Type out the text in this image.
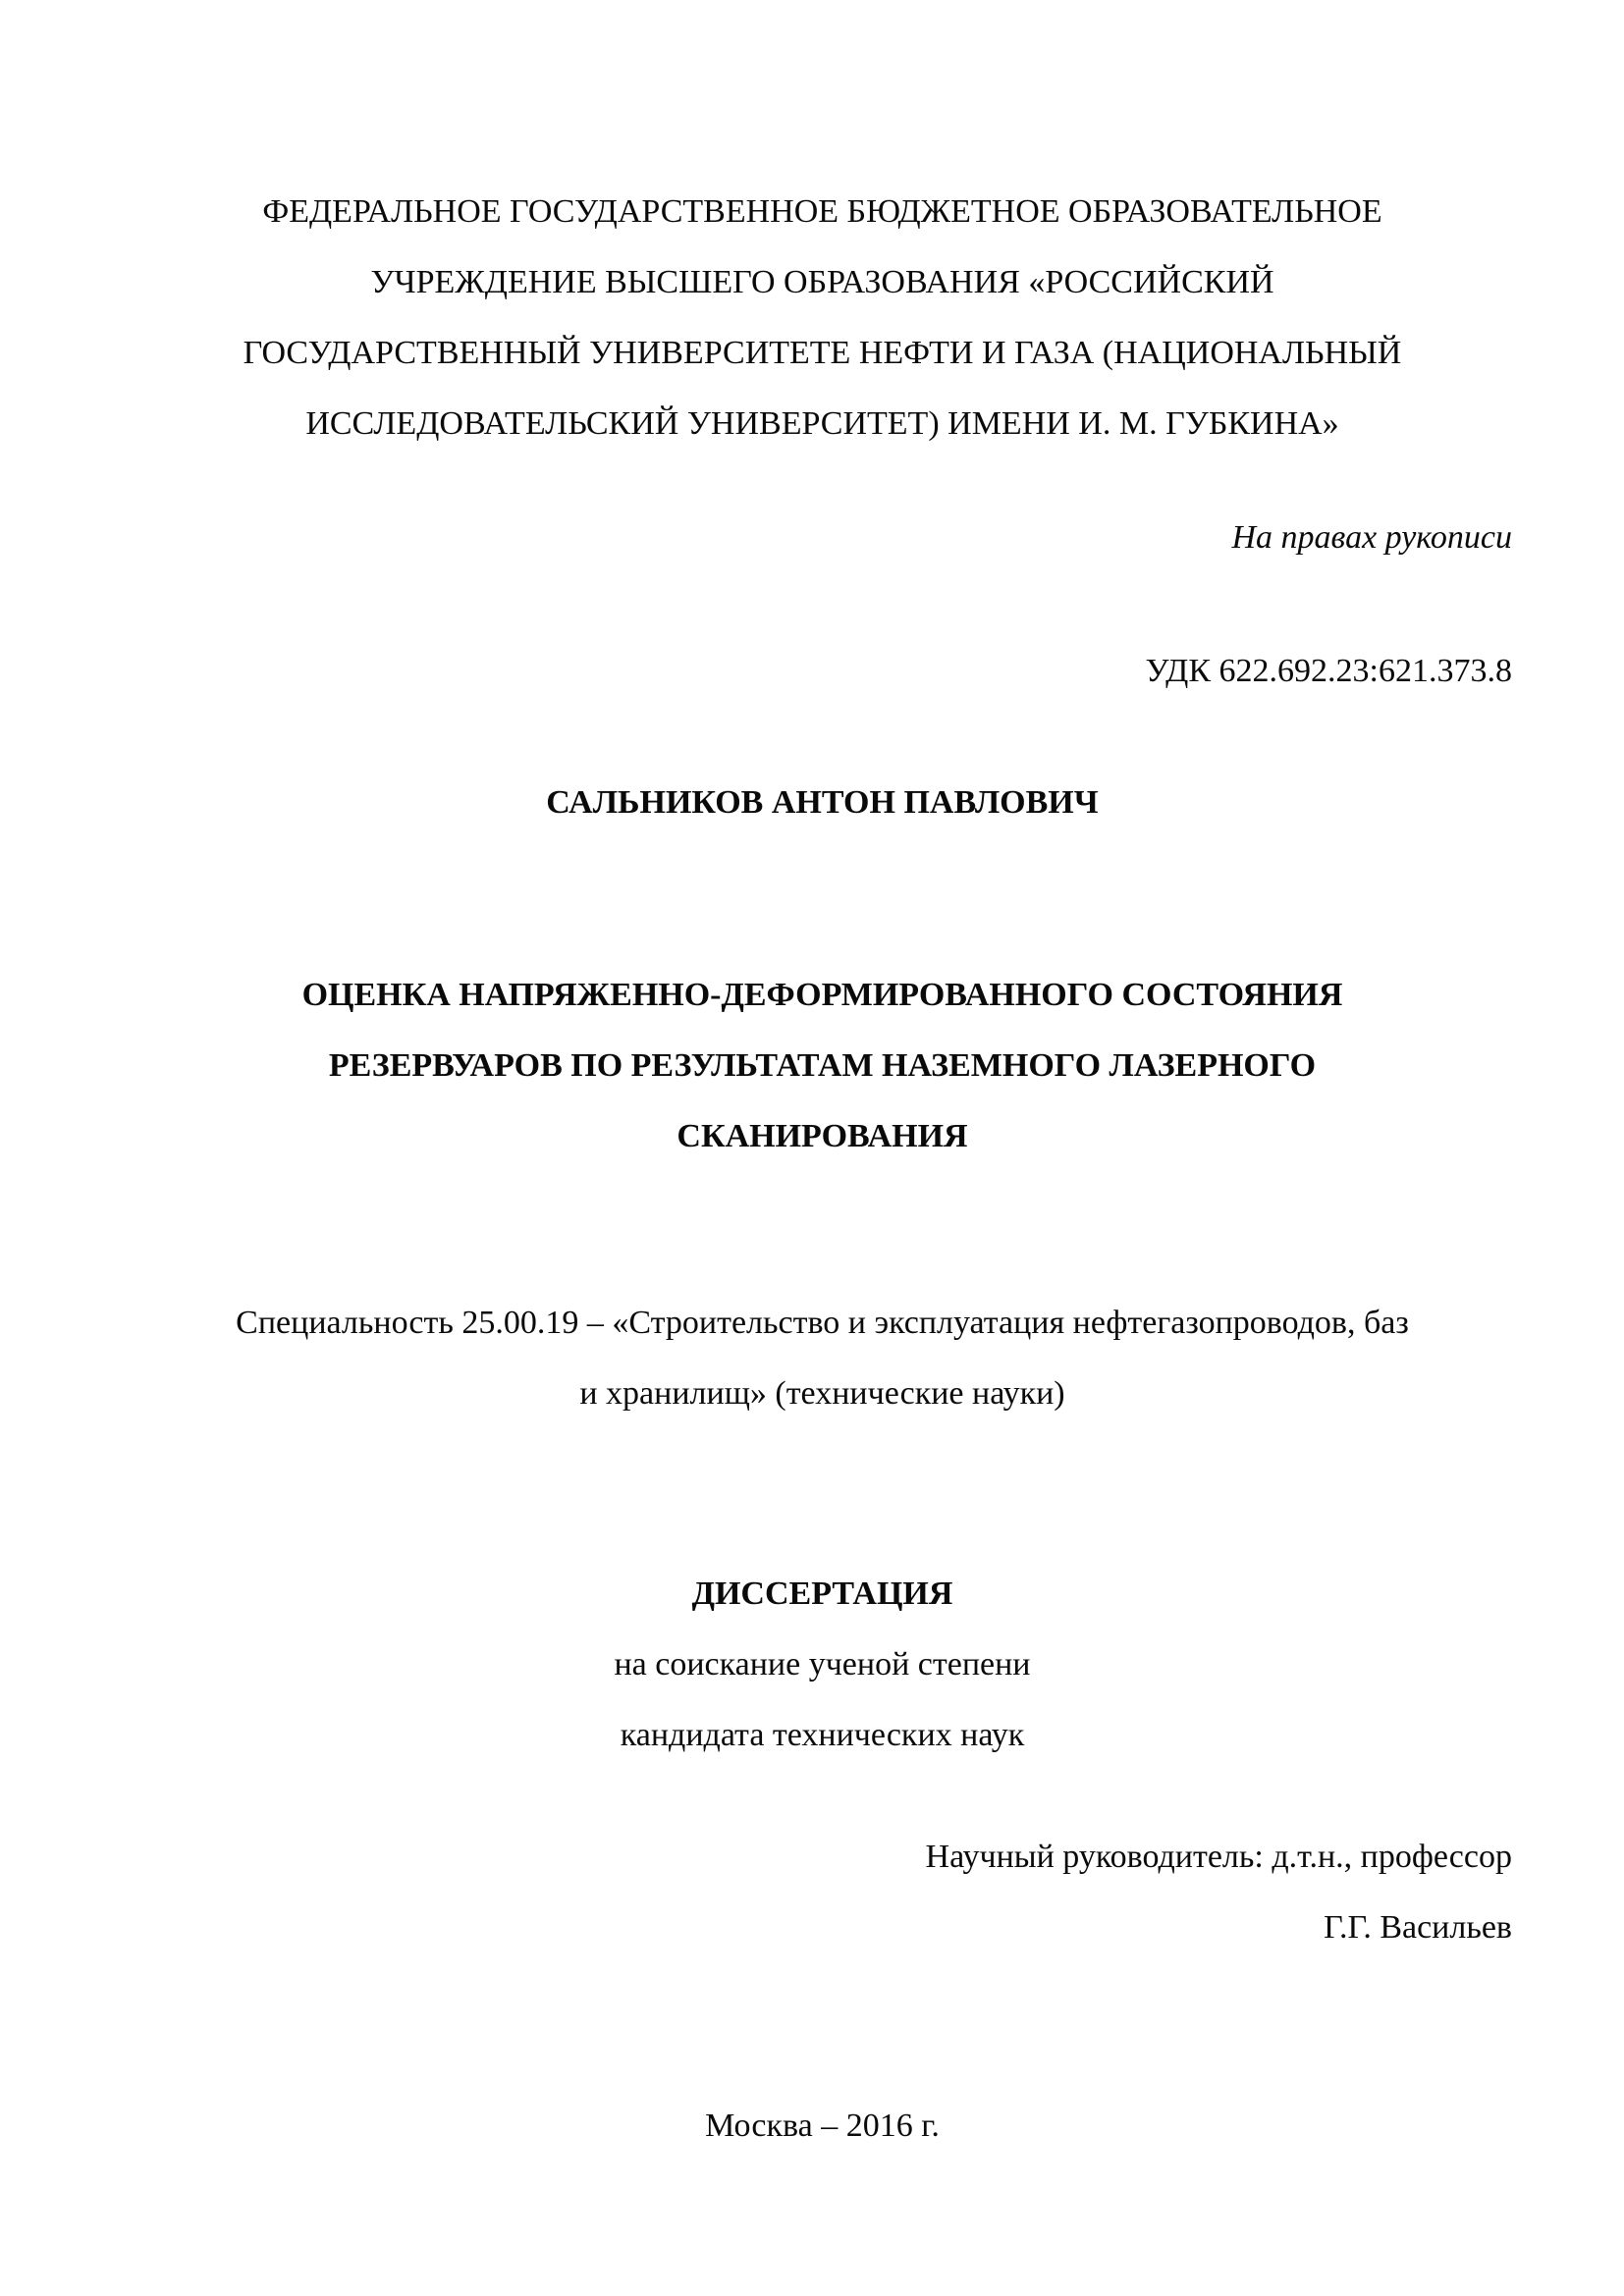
ФЕДЕРАЛЬНОЕ ГОСУДАРСТВЕННОЕ БЮДЖЕТНОЕ ОБРАЗОВАТЕЛЬНОЕ
УЧРЕЖДЕНИЕ ВЫСШЕГО ОБРАЗОВАНИЯ «РОССИЙСКИЙ
ГОСУДАРСТВЕННЫЙ УНИВЕРСИТЕТЕ НЕФТИ И ГАЗА (НАЦИОНАЛЬНЫЙ
ИССЛЕДОВАТЕЛЬСКИЙ УНИВЕРСИТЕТ) ИМЕНИ И. М. ГУБКИНА»
На правах рукописи
УДК 622.692.23:621.373.8
САЛЬНИКОВ АНТОН ПАВЛОВИЧ
ОЦЕНКА НАПРЯЖЕННО-ДЕФОРМИРОВАННОГО СОСТОЯНИЯ
РЕЗЕРВУАРОВ ПО РЕЗУЛЬТАТАМ НАЗЕМНОГО ЛАЗЕРНОГО
СКАНИРОВАНИЯ
Специальность 25.00.19 – «Строительство и эксплуатация нефтегазопроводов, баз
и хранилищ» (технические науки)
ДИССЕРТАЦИЯ
на соискание ученой степени
кандидата технических наук
Научный руководитель: д.т.н., профессор
Г.Г. Васильев
Москва – 2016 г.
